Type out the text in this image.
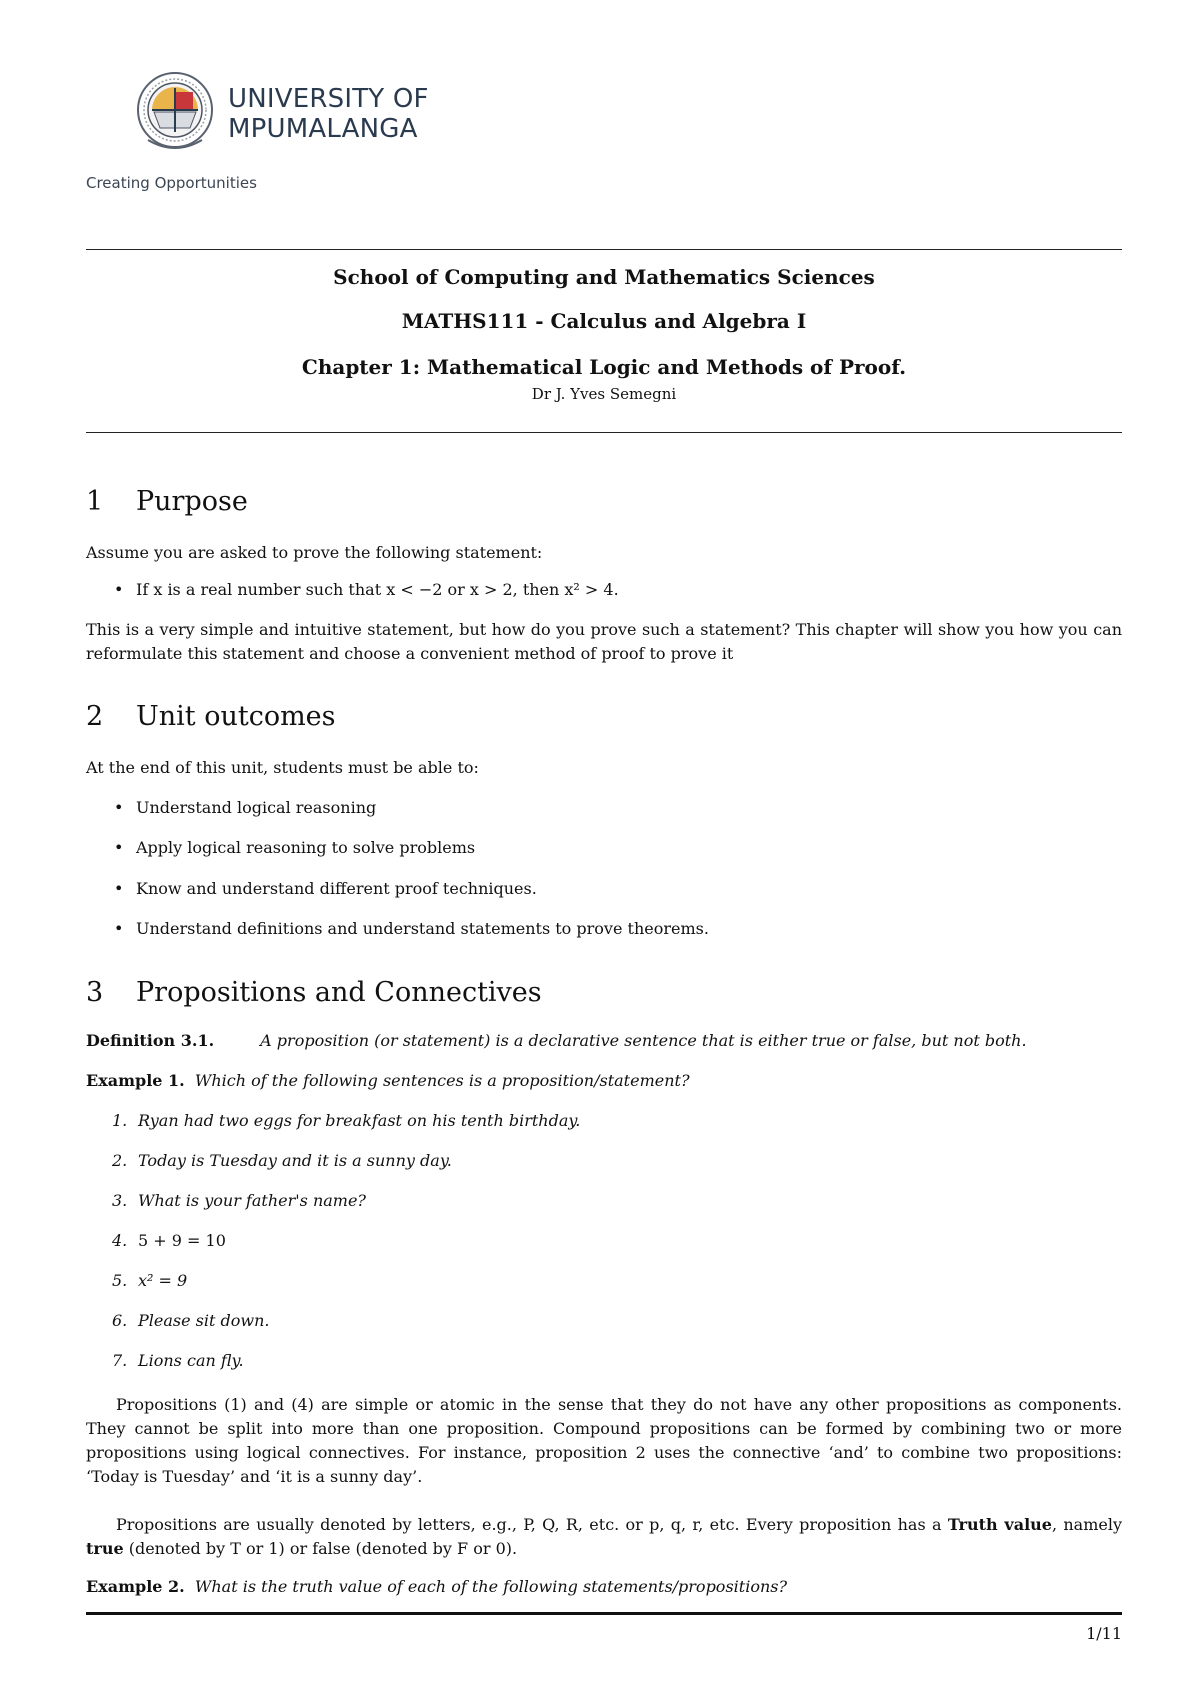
UNIVERSITY OF
MPUMALANGA
Creating Opportunities
School of Computing and Mathematics Sciences
MATHS111 - Calculus and Algebra I
Chapter 1: Mathematical Logic and Methods of Proof.
Dr J. Yves Semegni
1 Purpose
Assume you are asked to prove the following statement:
• If x is a real number such that x < −2 or x > 2, then x² > 4.
This is a very simple and intuitive statement, but how do you prove such a statement? This chapter will show you how you can reformulate this statement and choose a convenient method of proof to prove it
2 Unit outcomes
At the end of this unit, students must be able to:
• Understand logical reasoning
• Apply logical reasoning to solve problems
• Know and understand different proof techniques.
• Understand definitions and understand statements to prove theorems.
3 Propositions and Connectives
Definition 3.1.	A proposition (or statement) is a declarative sentence that is either true or false, but not both.
Example 1. Which of the following sentences is a proposition/statement?
1. Ryan had two eggs for breakfast on his tenth birthday.
2. Today is Tuesday and it is a sunny day.
3. What is your father's name?
4. 5 + 9 = 10
5. x² = 9
6. Please sit down.
7. Lions can fly.
Propositions (1) and (4) are simple or atomic in the sense that they do not have any other propositions as components. They cannot be split into more than one proposition. Compound propositions can be formed by combining two or more propositions using logical connectives. For instance, proposition 2 uses the connective ‘and’ to combine two propositions: ‘Today is Tuesday’ and ‘it is a sunny day’.
Propositions are usually denoted by letters, e.g., P, Q, R, etc. or p, q, r, etc. Every proposition has a Truth value, namely true (denoted by T or 1) or false (denoted by F or 0).
Example 2. What is the truth value of each of the following statements/propositions?
1/11
